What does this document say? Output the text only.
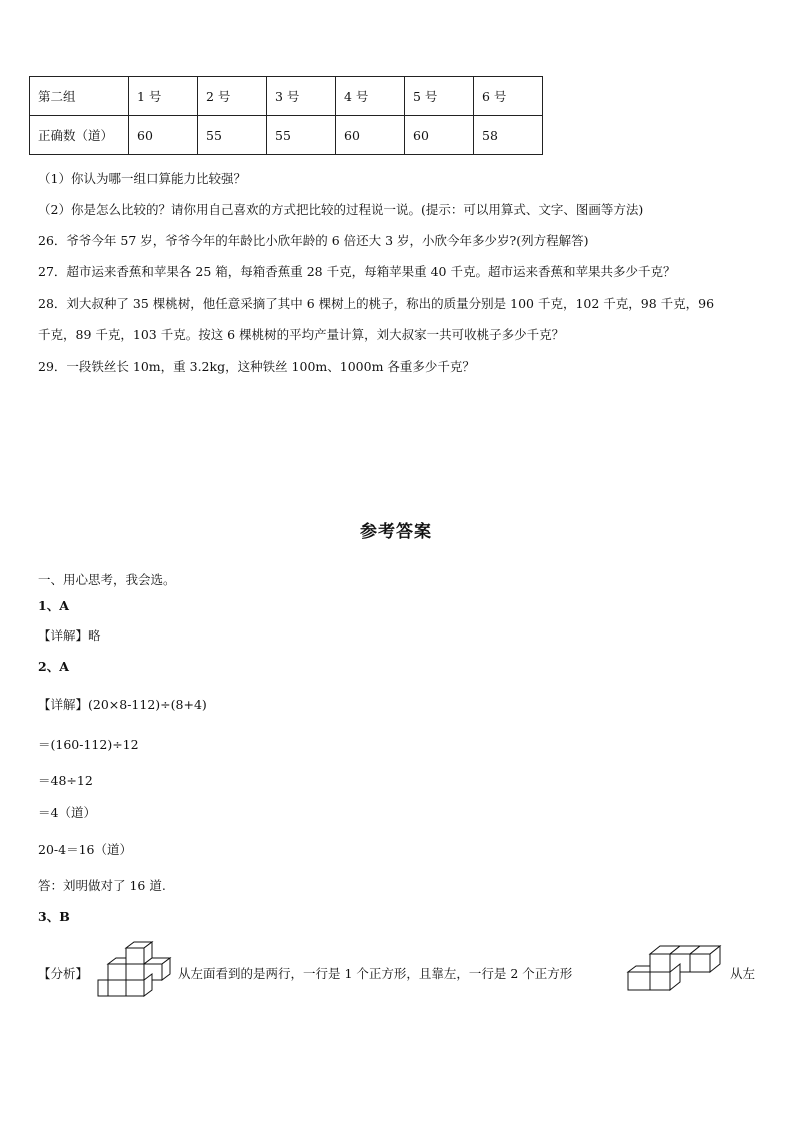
第二组	1 号	2 号	3 号	4 号	5 号	6 号
正确数（道）	60	55	55	60	60	58
（1）你认为哪一组口算能力比较强？
（2）你是怎么比较的？请你用自己喜欢的方式把比较的过程说一说。(提示：可以用算式、文字、图画等方法)
26．爷爷今年 57 岁，爷爷今年的年龄比小欣年龄的 6 倍还大 3 岁，小欣今年多少岁?(列方程解答)
27．超市运来香蕉和苹果各 25 箱，每箱香蕉重 28 千克，每箱苹果重 40 千克。超市运来香蕉和苹果共多少千克？
28．刘大叔种了 35 棵桃树，他任意采摘了其中 6 棵树上的桃子，称出的质量分别是 100 千克，102 千克，98 千克，96
千克，89 千克，103 千克。按这 6 棵桃树的平均产量计算，刘大叔家一共可收桃子多少千克？
29．一段铁丝长 10m，重 3.2kg，这种铁丝 100m、1000m 各重多少千克？
参考答案
一、用心思考，我会选。
1、A
【详解】略
2、A
【详解】(20×8-112)÷(8+4)
＝(160-112)÷12
＝48÷12
＝4（道）
20-4＝16（道）
答：刘明做对了 16 道.
3、B
【分析】	从左面看到的是两行，一行是 1 个正方形，且靠左，一行是 2 个正方形	从左
